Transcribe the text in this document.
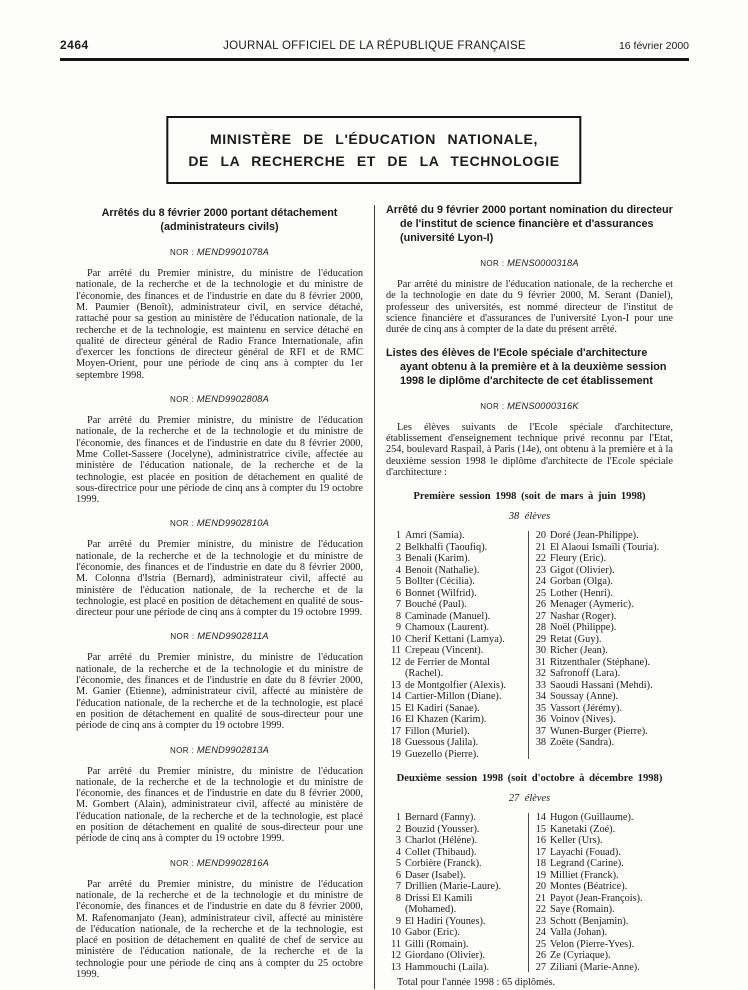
2464	JOURNAL OFFICIEL DE LA RÉPUBLIQUE FRANÇAISE	16 février 2000
MINISTÈRE DE L'ÉDUCATION NATIONALE,
DE LA RECHERCHE ET DE LA TECHNOLOGIE
Arrêtés du 8 février 2000 portant détachement
(administrateurs civils)
NOR : MEND9901078A

Par arrêté du Premier ministre, du ministre de l'éducation nationale, de la recherche et de la technologie et du ministre de l'économie, des finances et de l'industrie en date du 8 février 2000, M. Paumier (Benoît), administrateur civil, en service détaché, rattaché pour sa gestion au ministère de l'éducation nationale, de la recherche et de la technologie, est maintenu en service détaché en qualité de directeur général de Radio France Internationale, afin d'exercer les fonctions de directeur général de RFI et de RMC Moyen-Orient, pour une période de cinq ans à compter du 1er septembre 1998.

NOR : MEND9902808A

Par arrêté du Premier ministre, du ministre de l'éducation nationale, de la recherche et de la technologie et du ministre de l'économie, des finances et de l'industrie en date du 8 février 2000, Mme Collet-Sassere (Jocelyne), administratrice civile, affectée au ministère de l'éducation nationale, de la recherche et de la technologie, est placée en position de détachement en qualité de sous-directrice pour une période de cinq ans à compter du 19 octobre 1999.

NOR : MEND9902810A

Par arrêté du Premier ministre, du ministre de l'éducation nationale, de la recherche et de la technologie et du ministre de l'économie, des finances et de l'industrie en date du 8 février 2000, M. Colonna d'Istria (Bernard), administrateur civil, affecté au ministère de l'éducation nationale, de la recherche et de la technologie, est placé en position de détachement en qualité de sous-directeur pour une période de cinq ans à compter du 19 octobre 1999.

NOR : MEND9902811A

Par arrêté du Premier ministre, du ministre de l'éducation nationale, de la recherche et de la technologie et du ministre de l'économie, des finances et de l'industrie en date du 8 février 2000, M. Ganier (Etienne), administrateur civil, affecté au ministère de l'éducation nationale, de la recherche et de la technologie, est placé en position de détachement en qualité de sous-directeur pour une période de cinq ans à compter du 19 octobre 1999.

NOR : MEND9902813A

Par arrêté du Premier ministre, du ministre de l'éducation nationale, de la recherche et de la technologie et du ministre de l'économie, des finances et de l'industrie en date du 8 février 2000, M. Gombert (Alain), administrateur civil, affecté au ministère de l'éducation nationale, de la recherche et de la technologie, est placé en position de détachement en qualité de sous-directeur pour une période de cinq ans à compter du 19 octobre 1999.

NOR : MEND9902816A

Par arrêté du Premier ministre, du ministre de l'éducation nationale, de la recherche et de la technologie et du ministre de l'économie, des finances et de l'industrie en date du 8 février 2000, M. Rafenomanjato (Jean), administrateur civil, affecté au ministère de l'éducation nationale, de la recherche et de la technologie, est placé en position de détachement en qualité de chef de service au ministère de l'éducation nationale, de la recherche et de la technologie pour une période de cinq ans à compter du 25 octobre 1999.

Arrêté du 9 février 2000 portant nomination du directeur de l'institut de science financière et d'assurances (université Lyon-I)
NOR : MENS0000318A

Par arrêté du ministre de l'éducation nationale, de la recherche et de la technologie en date du 9 février 2000, M. Serant (Daniel), professeur des universités, est nommé directeur de l'institut de science financière et d'assurances de l'université Lyon-I pour une durée de cinq ans à compter de la date du présent arrêté.

Listes des élèves de l'Ecole spéciale d'architecture ayant obtenu à la première et à la deuxième session 1998 le diplôme d'architecte de cet établissement
NOR : MENS0000316K

Les élèves suivants de l'Ecole spéciale d'architecture, établissement d'enseignement technique privé reconnu par l'Etat, 254, boulevard Raspail, à Paris (14e), ont obtenu à la première et à la deuxième session 1998 le diplôme d'architecte de l'Ecole spéciale d'architecture :

Première session 1998 (soit de mars à juin 1998)
38 élèves
1 Amri (Samia).
2 Belkhalfi (Taoufiq).
3 Benali (Karim).
4 Benoit (Nathalie).
5 Bollter (Cécilia).
6 Bonnet (Wilfrid).
7 Bouché (Paul).
8 Caminade (Manuel).
9 Chamoux (Laurent).
10 Cherif Kettani (Lamya).
11 Crepeau (Vincent).
12 de Ferrier de Montal (Rachel).
13 de Montgolfier (Alexis).
14 Cartier-Millon (Diane).
15 El Kadiri (Sanae).
16 El Khazen (Karim).
17 Fillon (Muriel).
18 Guessous (Jalila).
19 Guezello (Pierre).
20 Doré (Jean-Philippe).
21 El Alaoui Ismaïli (Touria).
22 Fleury (Eric).
23 Gigot (Olivier).
24 Gorban (Olga).
25 Lother (Henri).
26 Menager (Aymeric).
27 Nashar (Roger).
28 Noël (Philippe).
29 Retat (Guy).
30 Richer (Jean).
31 Ritzenthaler (Stéphane).
32 Safronoff (Lara).
33 Saoudi Hassani (Mehdi).
34 Soussay (Anne).
35 Vassort (Jérémy).
36 Voinov (Nives).
37 Wunen-Burger (Pierre).
38 Zoëte (Sandra).
Deuxième session 1998 (soit d'octobre à décembre 1998)
27 élèves
1 Bernard (Fanny).
2 Bouzid (Yousser).
3 Charlot (Hélène).
4 Collet (Thibaud).
5 Corbière (Franck).
6 Daser (Isabel).
7 Drillien (Marie-Laure).
8 Drissi El Kamili (Mohamed).
9 El Hadiri (Younes).
10 Gabor (Eric).
11 Gilli (Romain).
12 Giordano (Olivier).
13 Hammouchi (Laila).
14 Hugon (Guillaume).
15 Kanetaki (Zoé).
16 Keller (Urs).
17 Layachi (Fouad).
18 Legrand (Carine).
19 Milliet (Franck).
20 Montes (Béatrice).
21 Payot (Jean-François).
22 Saye (Romain).
23 Schott (Benjamin).
24 Valla (Johan).
25 Velon (Pierre-Yves).
26 Ze (Cyriaque).
27 Ziliani (Marie-Anne).

Total pour l'année 1998 : 65 diplômés.
